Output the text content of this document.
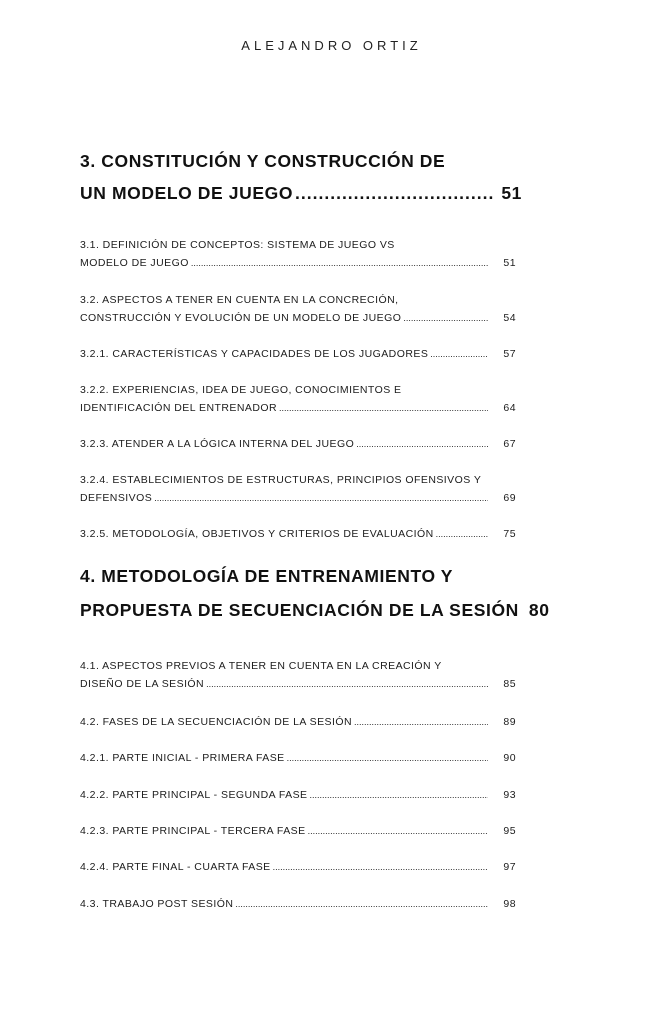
ALEJANDRO ORTIZ
3. CONSTITUCIÓN Y CONSTRUCCIÓN DE
UN MODELO DE JUEGO .....	51
3.1. DEFINICIÓN DE CONCEPTOS: SISTEMA DE JUEGO VS
MODELO DE JUEGO .....	51
3.2. ASPECTOS A TENER EN CUENTA EN LA CONCRECIÓN,
CONSTRUCCIÓN Y EVOLUCIÓN DE UN MODELO DE JUEGO .....	54
3.2.1. CARACTERÍSTICAS Y CAPACIDADES DE LOS JUGADORES .....	57
3.2.2. EXPERIENCIAS, IDEA DE JUEGO, CONOCIMIENTOS E
IDENTIFICACIÓN DEL ENTRENADOR .....	64
3.2.3. ATENDER A LA LÓGICA INTERNA DEL JUEGO .....	67
3.2.4. ESTABLECIMIENTOS DE ESTRUCTURAS, PRINCIPIOS OFENSIVOS Y
DEFENSIVOS .....	69
3.2.5. METODOLOGÍA, OBJETIVOS Y CRITERIOS DE EVALUACIÓN .....	75
4. METODOLOGÍA DE ENTRENAMIENTO Y
PROPUESTA DE SECUENCIACIÓN DE LA SESIÓN 80
4.1. ASPECTOS PREVIOS A TENER EN CUENTA EN LA CREACIÓN Y
DISEÑO DE LA SESIÓN .....	85
4.2. FASES DE LA SECUENCIACIÓN DE LA SESIÓN .....	89
4.2.1. PARTE INICIAL - PRIMERA FASE .....	90
4.2.2. PARTE PRINCIPAL - SEGUNDA FASE .....	93
4.2.3. PARTE PRINCIPAL - TERCERA FASE .....	95
4.2.4. PARTE FINAL - CUARTA FASE .....	97
4.3. TRABAJO POST SESIÓN .....	98
